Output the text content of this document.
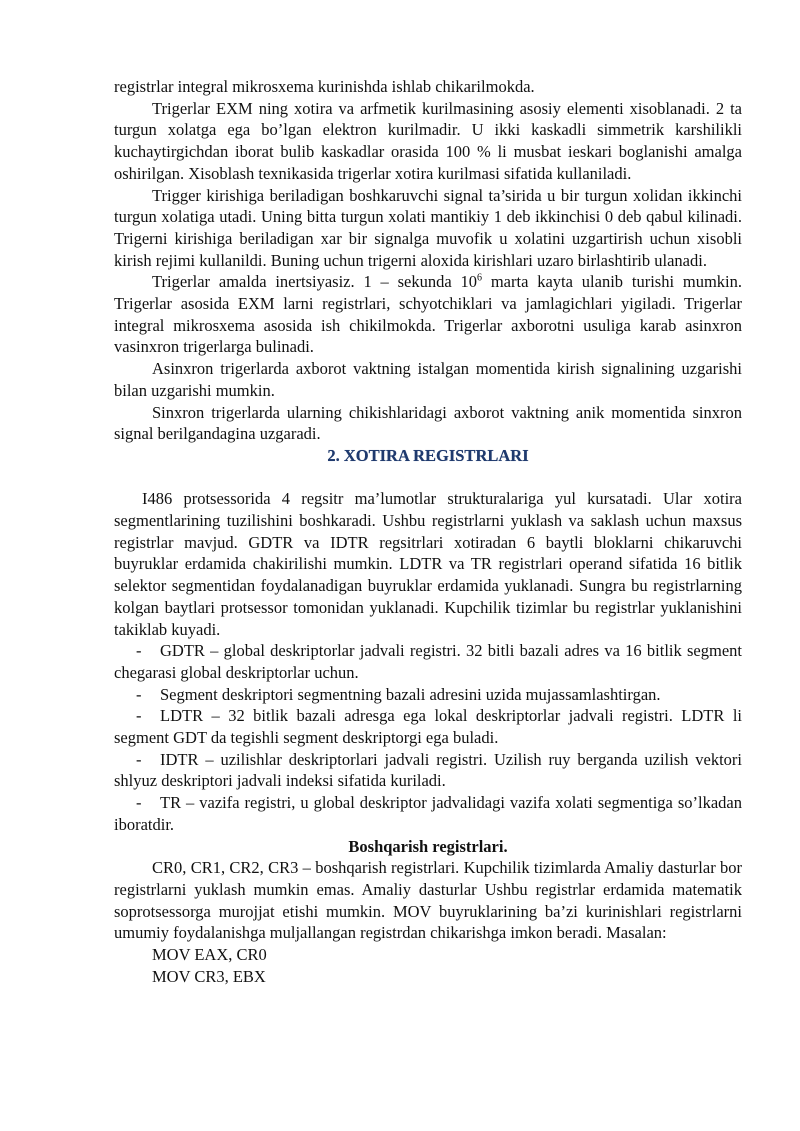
registrlar integral mikrosxema kurinishda ishlab chikarilmokda.

Trigerlar EXM ning xotira va arfmetik kurilmasining asosiy elementi xisoblanadi. 2 ta turgun xolatga ega bo’lgan elektron kurilmadir. U ikki kaskadli simmetrik karshilikli kuchaytirgichdan iborat bulib kaskadlar orasida 100 % li musbat ieskari boglanishi amalga oshirilgan. Xisoblash texnikasida trigerlar xotira kurilmasi sifatida kullaniladi.

Trigger kirishiga beriladigan boshkaruvchi signal ta’sirida u bir turgun xolidan ikkinchi turgun xolatiga utadi. Uning bitta turgun xolati mantikiy 1 deb ikkinchisi 0 deb qabul kilinadi. Trigerni kirishiga beriladigan xar bir signalga muvofik u xolatini uzgartirish uchun xisobli kirish rejimi kullanildi. Buning uchun trigerni aloxida kirishlari uzaro birlashtirib ulanadi.

Trigerlar amalda inertsiyasiz. 1 – sekunda $10^6$ marta kayta ulanib turishi mumkin. Trigerlar asosida EXM larni registrlari, schyotchiklari va jamlagichlari yigiladi. Trigerlar integral mikrosxema asosida ish chikilmokda. Trigerlar axborotni usuliga karab asinxron vasinxron trigerlarga bulinadi.

Asinxron trigerlarda axborot vaktning istalgan momentida kirish signalining uzgarishi bilan uzgarishi mumkin.

Sinxron trigerlarda ularning chikishlaridagi axborot vaktning anik momentida sinxron signal berilgandagina uzgaradi.

2. XOTIRA REGISTRLARI

I486 protsessorida 4 regsitr ma’lumotlar strukturalariga yul kursatadi. Ular xotira segmentlarining tuzilishini boshkaradi. Ushbu registrlarni yuklash va saklash uchun maxsus registrlar mavjud. GDTR va IDTR regsitrlari xotiradan 6 baytli bloklarni chikaruvchi buyruklar erdamida chakirilishi mumkin. LDTR va TR registrlari operand sifatida 16 bitlik selektor segmentidan foydalanadigan buyruklar erdamida yuklanadi. Sungra bu registrlarning kolgan baytlari protsessor tomonidan yuklanadi. Kupchilik tizimlar bu registrlar yuklanishini takiklab kuyadi.

- GDTR – global deskriptorlar jadvali registri. 32 bitli bazali adres va 16 bitlik segment chegarasi global deskriptorlar uchun.

- Segment deskriptori segmentning bazali adresini uzida mujassamlashtirgan.

- LDTR – 32 bitlik bazali adresga ega lokal deskriptorlar jadvali registri. LDTR li segment GDT da tegishli segment deskriptorgi ega buladi.

- IDTR – uzilishlar deskriptorlari jadvali registri. Uzilish ruy berganda uzilish vektori shlyuz deskriptori jadvali indeksi sifatida kuriladi.

- TR – vazifa registri, u global deskriptor jadvalidagi vazifa xolati segmentiga so’lkadan iboratdir.

Boshqarish registrlari.

CR0, CR1, CR2, CR3 – boshqarish registrlari. Kupchilik tizimlarda Amaliy dasturlar bor registrlarni yuklash mumkin emas. Amaliy dasturlar Ushbu registrlar erdamida matematik soprotsessorga murojjat etishi mumkin. MOV buyruklarining ba’zi kurinishlari registrlarni umumiy foydalanishga muljallangan registrdan chikarishga imkon beradi. Masalan:

MOV EAX, CR0
MOV CR3, EBX
